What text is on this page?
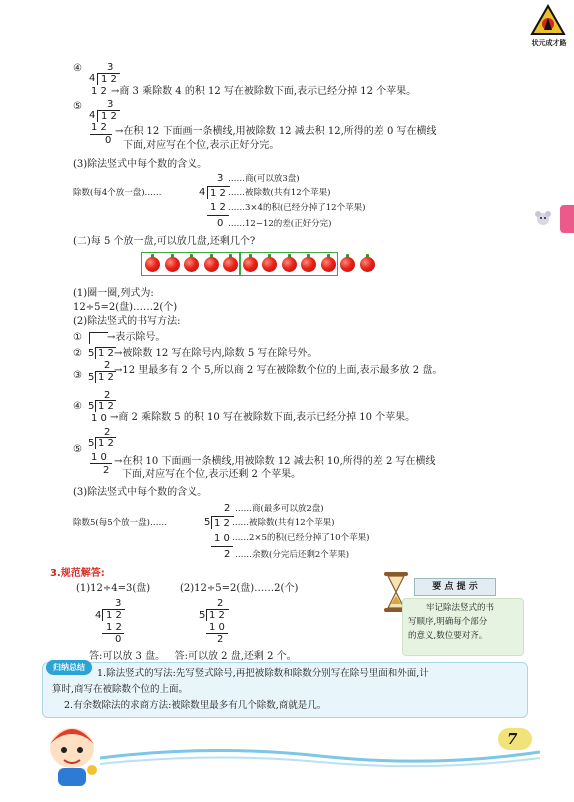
状元成才路
④	3
4 1 2
1 2 →商 3 乘除数 4 的积 12 写在被除数下面,表示已经分掉 12 个苹果。
⑤	3
4 1 2
1 2
0
→在积 12 下面画一条横线,用被除数 12 减去积 12,所得的差 0 写在横线
下面,对应写在个位,表示正好分完。
(3)除法竖式中每个数的含义。
3 ……商(可以放3盘)
除数(每4个放一盘)……	4 1 2 ……被除数(共有12个苹果)
1 2 ……3×4的积(已经分掉了12个苹果)
0 ……12−12的差(正好分完)
(二)每 5 个放一盘,可以放几盘,还剩几个?
(1)圈一圈,列式为:
12÷5=2(盘)……2(个)
(2)除法竖式的书写方法:
①	→表示除号。
② 5 1 2 →被除数 12 写在除号内,除数 5 写在除号外。
③
2
5 1 2
→12 里最多有 2 个 5,所以商 2 写在被除数个位的上面,表示最多放 2 盘。
④
2
5 1 2
1 0 →商 2 乘除数 5 的积 10 写在被除数下面,表示已经分掉 10 个苹果。
⑤
2
5 1 2
1 0
2
→在积 10 下面画一条横线,用被除数 12 减去积 10,所得的差 2 写在横线
下面,对应写在个位,表示还剩 2 个苹果。
(3)除法竖式中每个数的含义。
2 ……商(最多可以放2盘)
除数5(每5个放一盘)……	5 1 2 ……被除数(共有12个苹果)
1 0 ……2×5的积(已经分掉了10个苹果)
2 ……余数(分完后还剩2个苹果)
3.规范解答:
(1)12÷4=3(盘)	(2)12÷5=2(盘)……2(个)
3
4 1 2
1 2
0
2
5 1 2
1 0
2
答:可以放 3 盘。   答:可以放 2 盘,还剩 2 个。
要 点 提 示
牢记除法竖式的书
写顺序,明确每个部分
的意义,数位要对齐。
归纳总结
1.除法竖式的写法:先写竖式除号,再把被除数和除数分别写在除号里面和外面,计
算时,商写在被除数个位的上面。
2.有余数除法的求商方法:被除数里最多有几个除数,商就是几。
7
